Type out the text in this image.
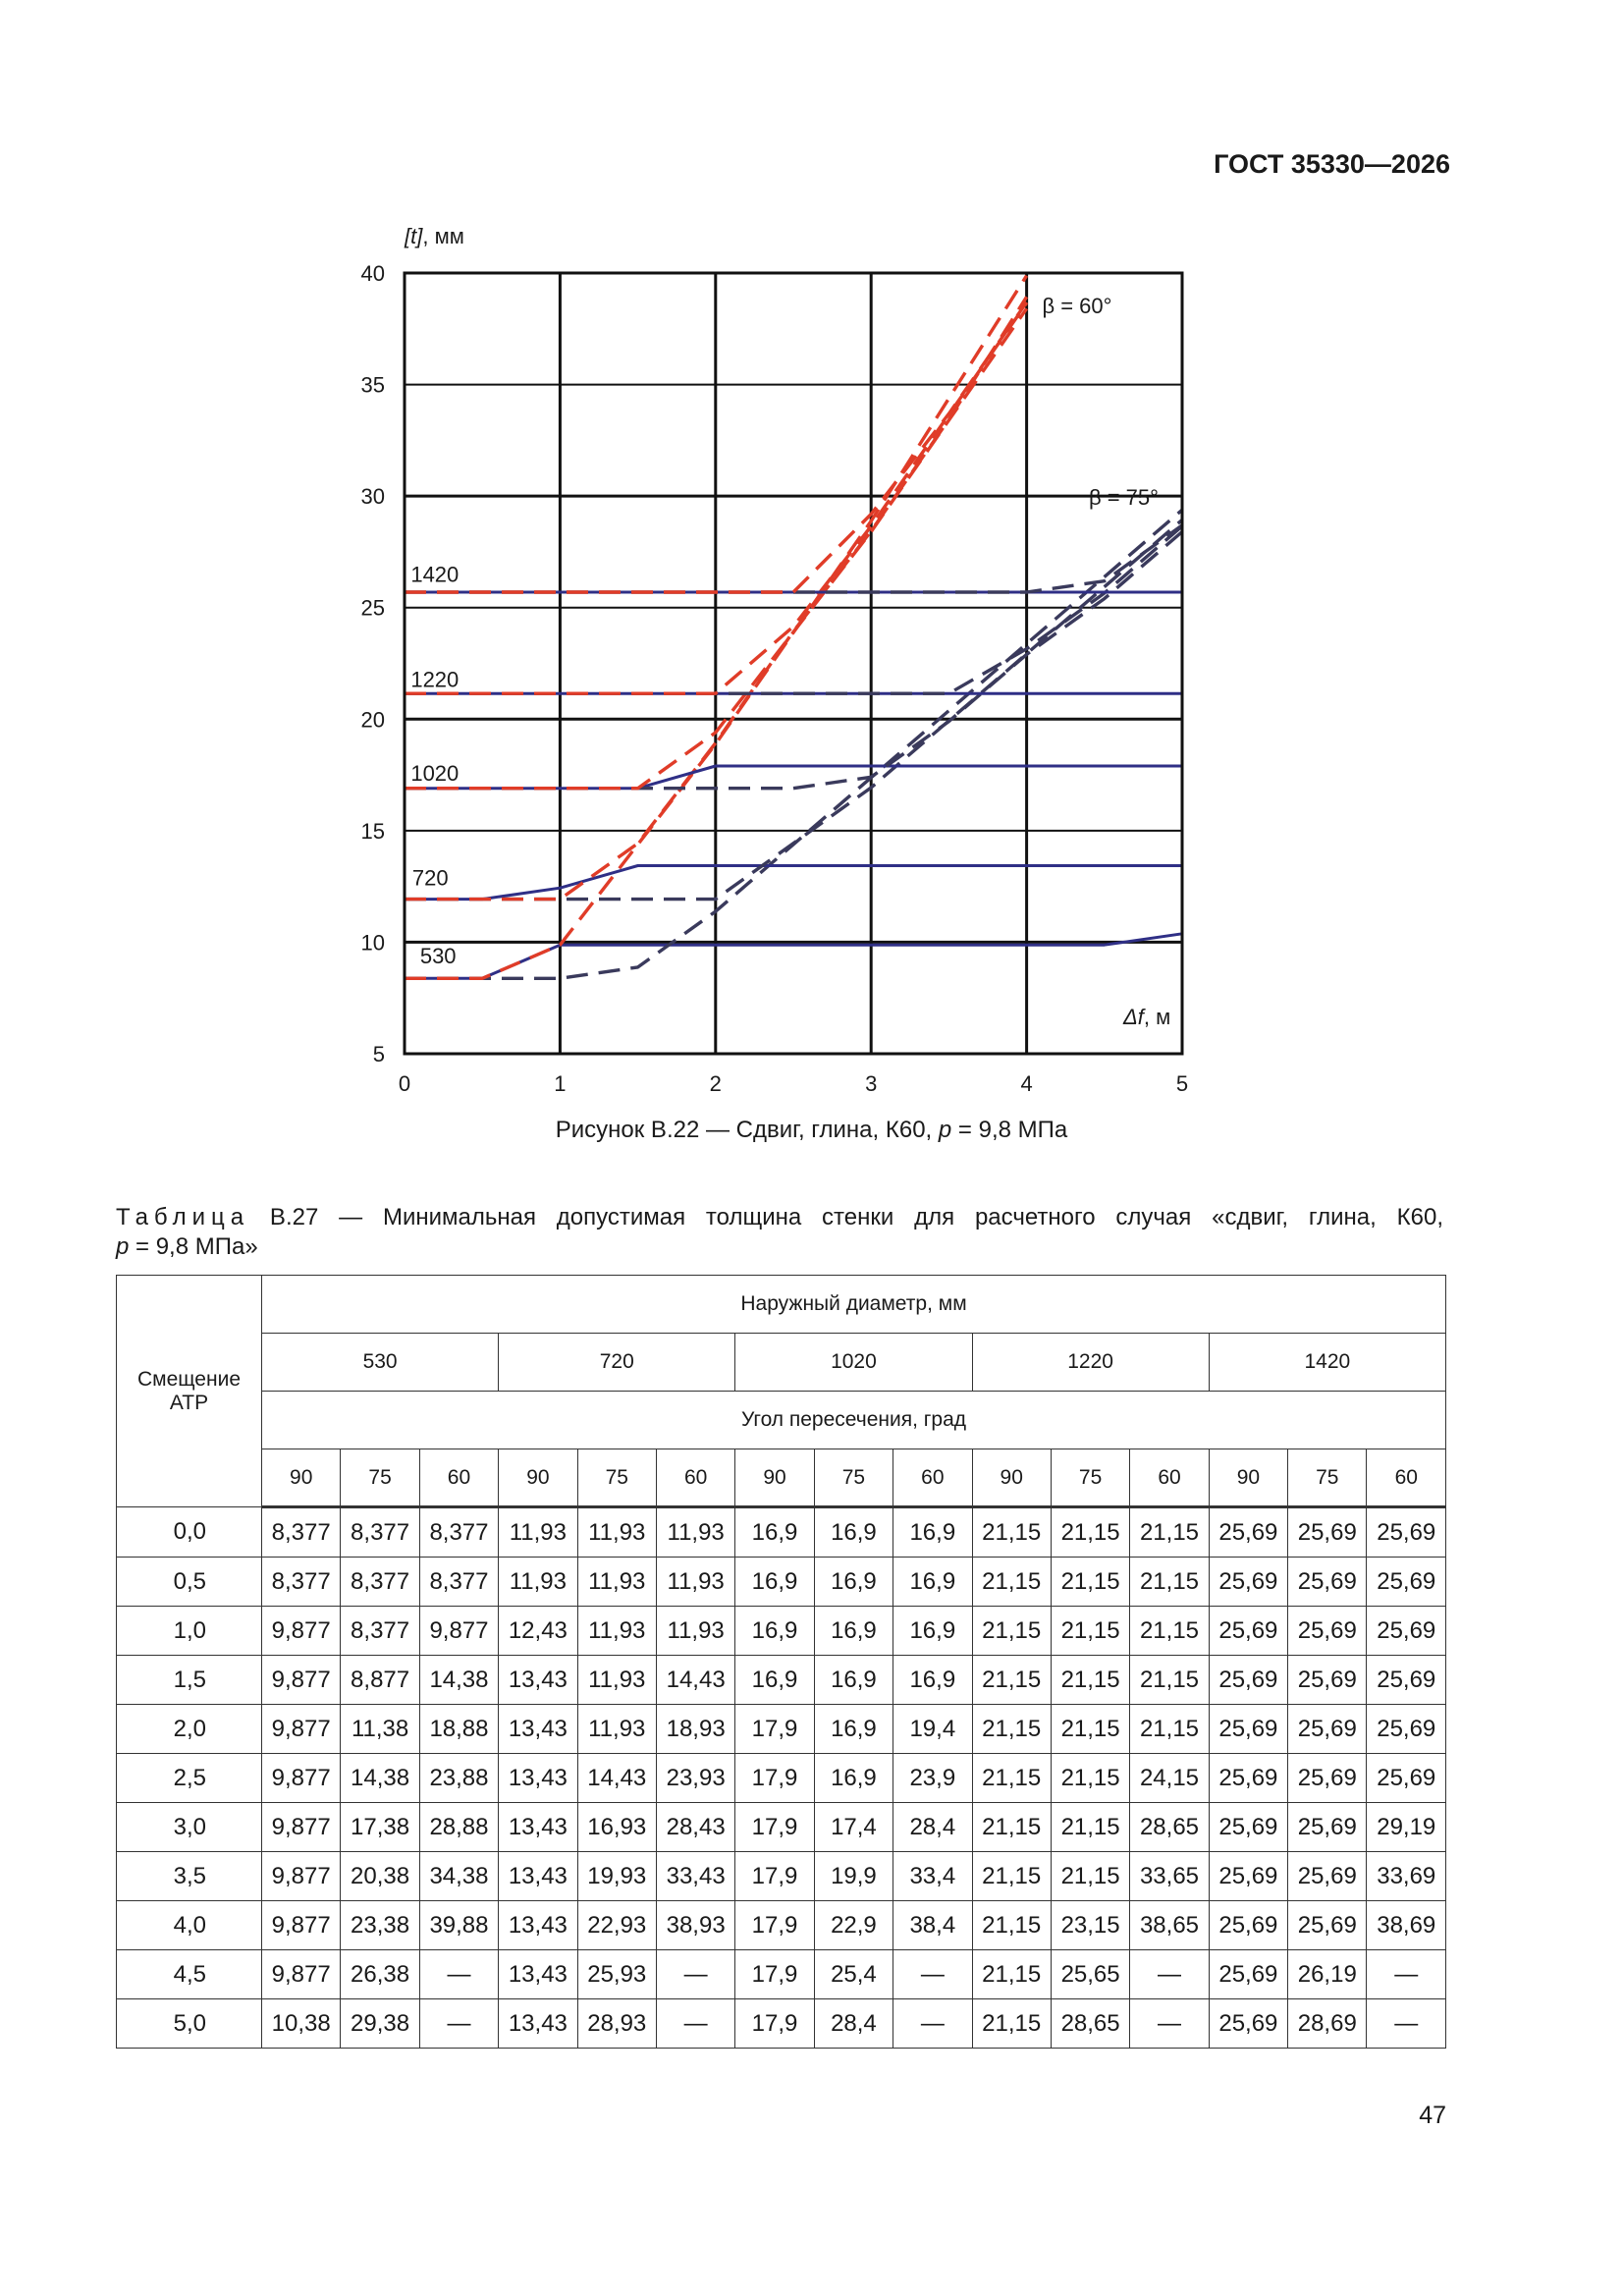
ГОСТ 35330—2026
0	1	2	3	4	5
5
10
15
20
25
30
35
40
[t], мм
Δf, м
β = 60°
β = 75°
530
720
1020
1220
1420
Рисунок В.22 — Сдвиг, глина, К60, p = 9,8 МПа
Таблица В.27 — Минимальная допустимая толщина стенки для расчетного случая «сдвиг, глина, К60,
p = 9,8 МПа»
Смещение АТР	Наружный диаметр, мм														
	530			720			1020			1220			1420		
	Угол пересечения, град														
	90	75	60	90	75	60	90	75	60	90	75	60	90	75	60
0,0	8,377	8,377	8,377	11,93	11,93	11,93	16,9	16,9	16,9	21,15	21,15	21,15	25,69	25,69	25,69
0,5	8,377	8,377	8,377	11,93	11,93	11,93	16,9	16,9	16,9	21,15	21,15	21,15	25,69	25,69	25,69
1,0	9,877	8,377	9,877	12,43	11,93	11,93	16,9	16,9	16,9	21,15	21,15	21,15	25,69	25,69	25,69
1,5	9,877	8,877	14,38	13,43	11,93	14,43	16,9	16,9	16,9	21,15	21,15	21,15	25,69	25,69	25,69
2,0	9,877	11,38	18,88	13,43	11,93	18,93	17,9	16,9	19,4	21,15	21,15	21,15	25,69	25,69	25,69
2,5	9,877	14,38	23,88	13,43	14,43	23,93	17,9	16,9	23,9	21,15	21,15	24,15	25,69	25,69	25,69
3,0	9,877	17,38	28,88	13,43	16,93	28,43	17,9	17,4	28,4	21,15	21,15	28,65	25,69	25,69	29,19
3,5	9,877	20,38	34,38	13,43	19,93	33,43	17,9	19,9	33,4	21,15	21,15	33,65	25,69	25,69	33,69
4,0	9,877	23,38	39,88	13,43	22,93	38,93	17,9	22,9	38,4	21,15	23,15	38,65	25,69	25,69	38,69
4,5	9,877	26,38	—	13,43	25,93	—	17,9	25,4	—	21,15	25,65	—	25,69	26,19	—
5,0	10,38	29,38	—	13,43	28,93	—	17,9	28,4	—	21,15	28,65	—	25,69	28,69	—
47
